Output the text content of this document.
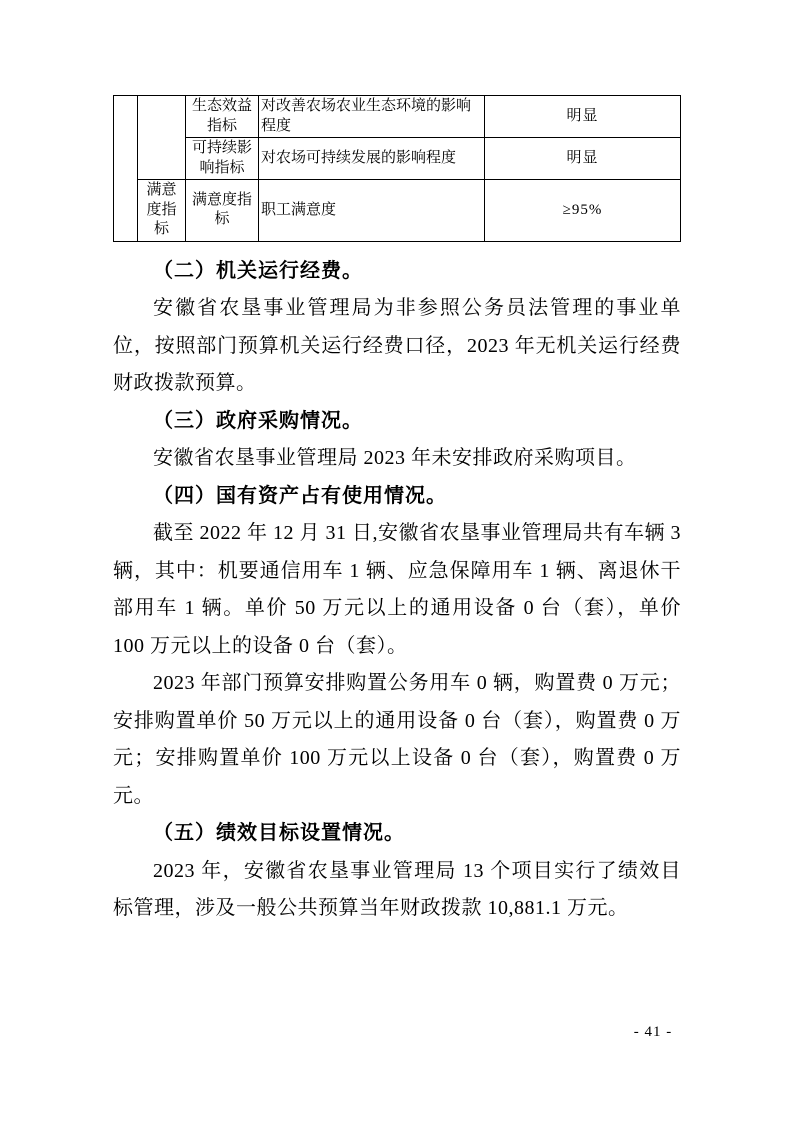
		生态效益指标	对改善农场农业生态环境的影响程度	明显
		可持续影响指标	对农场可持续发展的影响程度	明显
	满意度指标	满意度指标	职工满意度	≥95%
（二）机关运行经费。

安徽省农垦事业管理局为非参照公务员法管理的事业单位，按照部门预算机关运行经费口径，2023 年无机关运行经费财政拨款预算。

（三）政府采购情况。

安徽省农垦事业管理局 2023 年未安排政府采购项目。

（四）国有资产占有使用情况。

截至 2022 年 12 月 31 日,安徽省农垦事业管理局共有车辆 3 辆，其中：机要通信用车 1 辆、应急保障用车 1 辆、离退休干部用车 1 辆。单价 50 万元以上的通用设备 0 台（套），单价 100 万元以上的设备 0 台（套）。

2023 年部门预算安排购置公务用车 0 辆，购置费 0 万元；安排购置单价 50 万元以上的通用设备 0 台（套），购置费 0 万元；安排购置单价 100 万元以上设备 0 台（套），购置费 0 万元。

（五）绩效目标设置情况。

2023 年，安徽省农垦事业管理局 13 个项目实行了绩效目标管理，涉及一般公共预算当年财政拨款 10,881.1 万元。

- 41 -
